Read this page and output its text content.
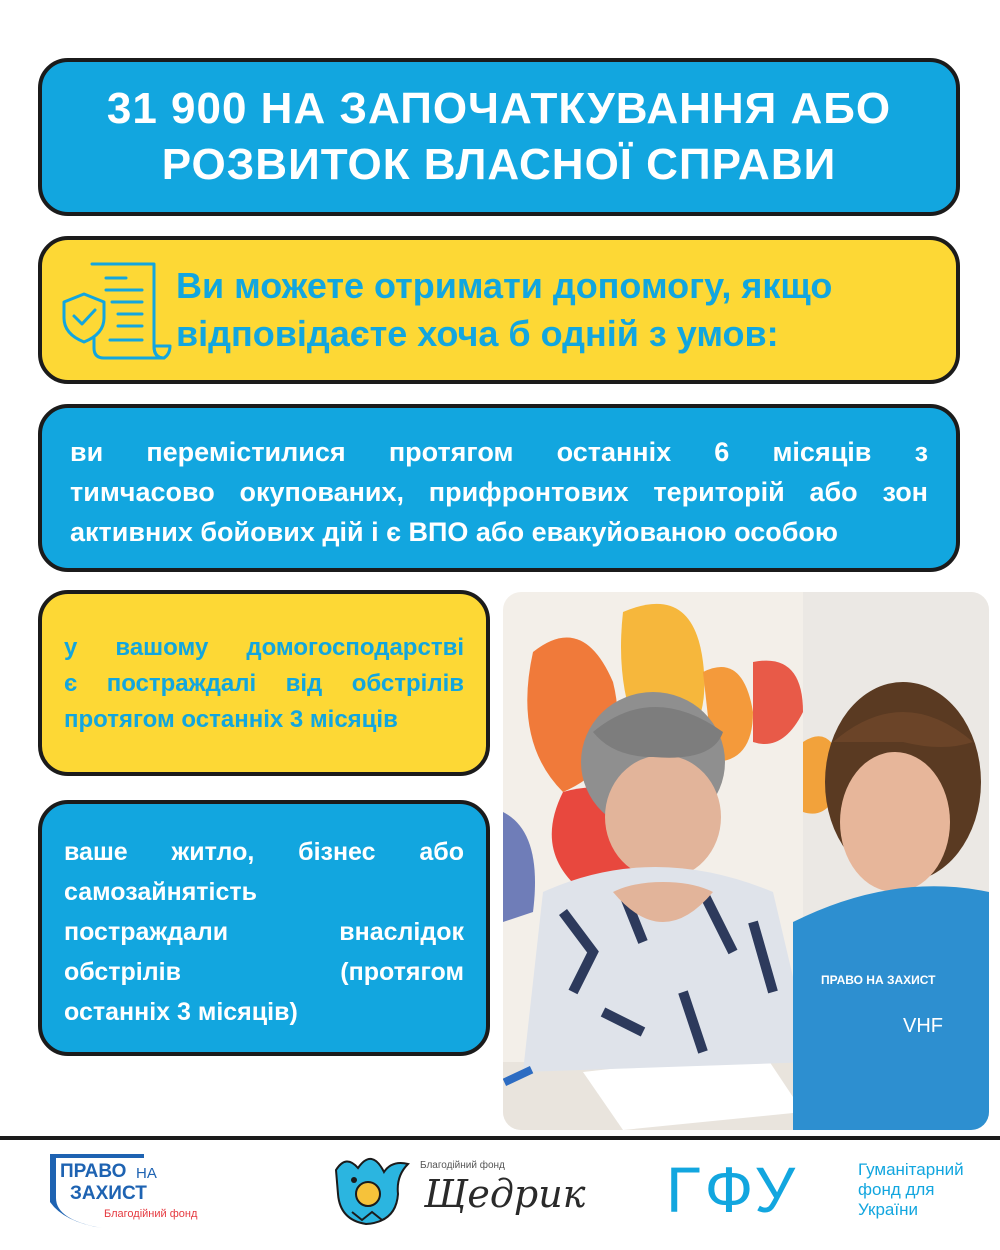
31 900 НА ЗАПОЧАТКУВАННЯ АБО
РОЗВИТОК ВЛАСНОЇ СПРАВИ
Ви можете отримати допомогу, якщо
відповідаєте хоча б одній з умов:
ви перемістилися протягом останніх 6 місяців з
тимчасово окупованих, прифронтових територій або зон
активних бойових дій і є ВПО або евакуйованою особою
у вашому домогосподарстві
є постраждалі від обстрілів
протягом останніх 3 місяців
ваше житло, бізнес або
самозайнятість
постраждали внаслідок
обстрілів (протягом
останніх 3 місяців)
ПРАВО НА ЗАХИСТ
VHF
ПРАВО НА
ЗАХИСТ
Благодійний фонд
Благодійний фонд
Щедрик ГФУ	Гуманітарний
фонд для
України
